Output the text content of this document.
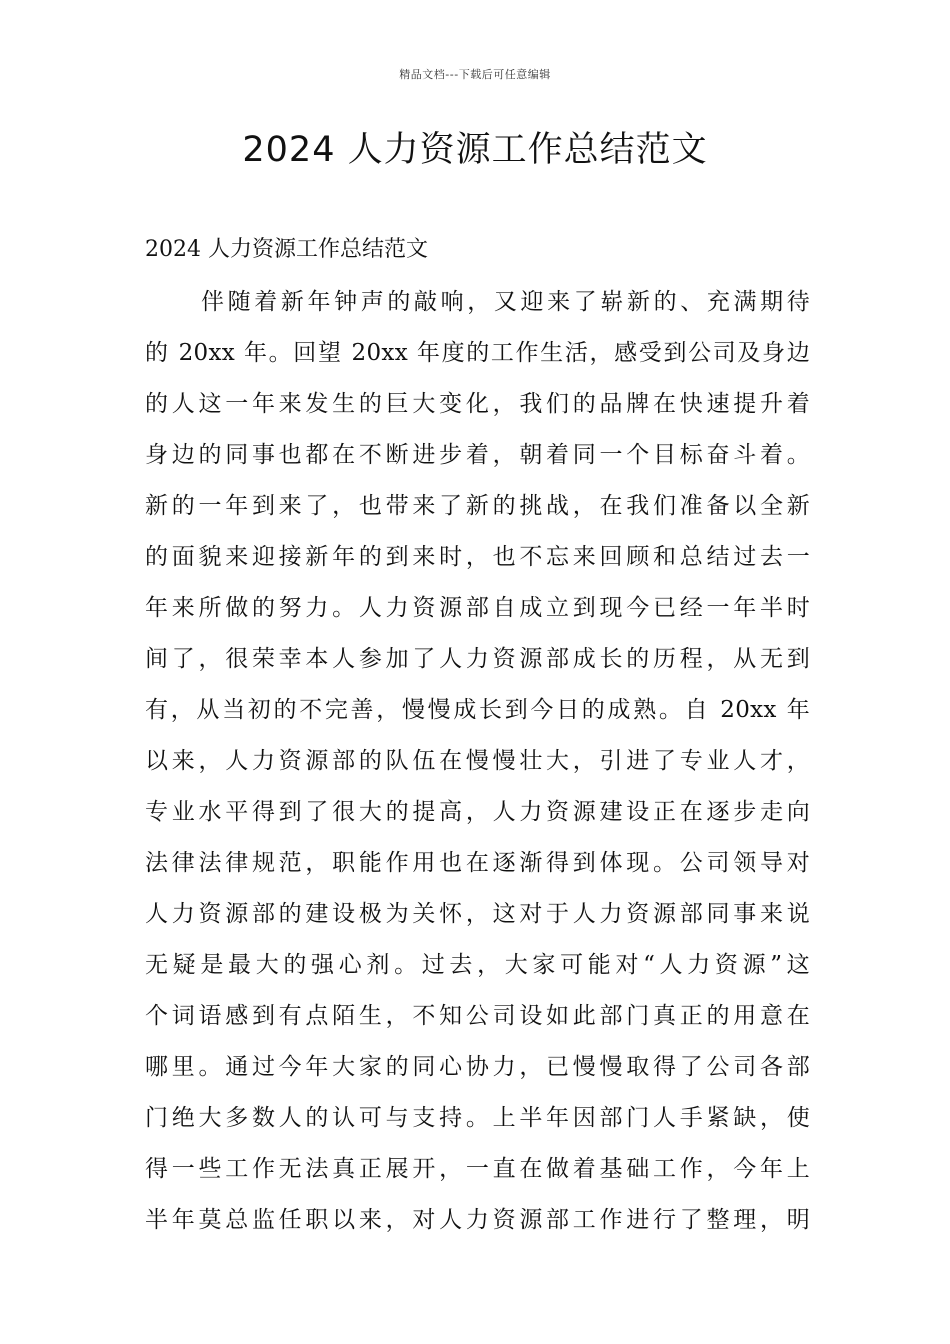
精品文档---下载后可任意编辑
2024 人力资源工作总结范文

2024 人力资源工作总结范文

伴随着新年钟声的敲响，又迎来了崭新的、充满期待
的 20xx 年。回望 20xx 年度的工作生活，感受到公司及身边
的人这一年来发生的巨大变化，我们的品牌在快速提升着
身边的同事也都在不断进步着，朝着同一个目标奋斗着。
新的一年到来了，也带来了新的挑战，在我们准备以全新
的面貌来迎接新年的到来时，也不忘来回顾和总结过去一
年来所做的努力。人力资源部自成立到现今已经一年半时
间了，很荣幸本人参加了人力资源部成长的历程，从无到
有，从当初的不完善，慢慢成长到今日的成熟。自 20xx 年
以来，人力资源部的队伍在慢慢壮大，引进了专业人才，
专业水平得到了很大的提高，人力资源建设正在逐步走向
法律法律规范，职能作用也在逐渐得到体现。公司领导对
人力资源部的建设极为关怀，这对于人力资源部同事来说
无疑是最大的强心剂。过去，大家可能对“人力资源”这
个词语感到有点陌生，不知公司设如此部门真正的用意在
哪里。通过今年大家的同心协力，已慢慢取得了公司各部
门绝大多数人的认可与支持。上半年因部门人手紧缺，使
得一些工作无法真正展开，一直在做着基础工作，今年上
半年莫总监任职以来，对人力资源部工作进行了整理，明
